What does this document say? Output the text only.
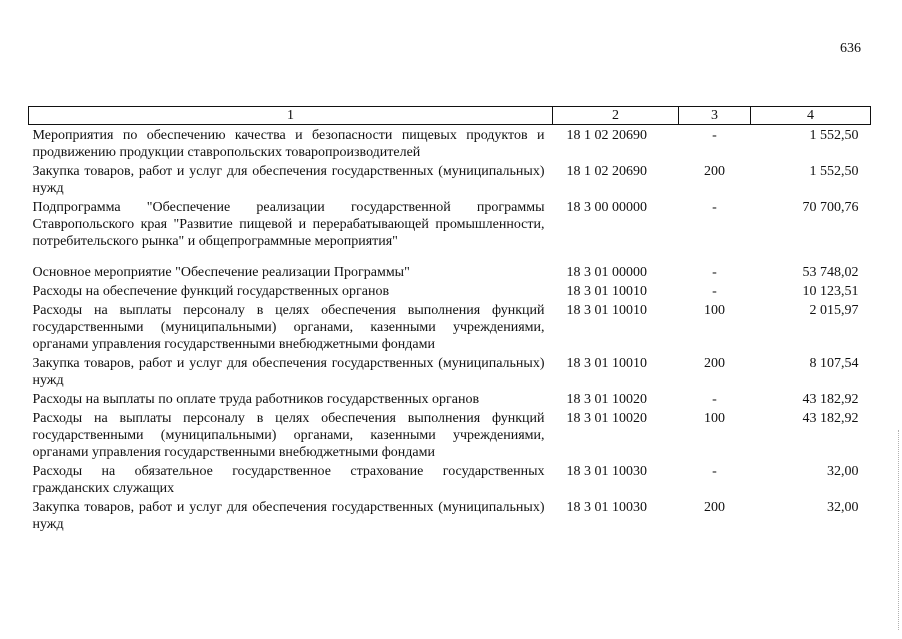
636
1	2	3	4
Мероприятия по обеспечению качества и безопасности пищевых продуктов и продвижению продукции ставропольских товаропроизводителей	18 1 02 20690	-	1 552,50
Закупка товаров, работ и услуг для обеспечения государственных (муниципальных) нужд	18 1 02 20690	200	1 552,50
Подпрограмма "Обеспечение реализации государственной программы Ставропольского края "Развитие пищевой и перерабатывающей промышленности, потребительского рынка" и общепрограммные мероприятия"	18 3 00 00000	-	70 700,76

Основное мероприятие "Обеспечение реализации Программы"	18 3 01 00000	-	53 748,02
Расходы на обеспечение функций государственных органов	18 3 01 10010	-	10 123,51
Расходы на выплаты персоналу в целях обеспечения выполнения функций государственными (муниципальными) органами, казенными учреждениями, органами управления государственными внебюджетными фондами	18 3 01 10010	100	2 015,97
Закупка товаров, работ и услуг для обеспечения государственных (муниципальных) нужд	18 3 01 10010	200	8 107,54
Расходы на выплаты по оплате труда работников государственных органов	18 3 01 10020	-	43 182,92
Расходы на выплаты персоналу в целях обеспечения выполнения функций государственными (муниципальными) органами, казенными учреждениями, органами управления государственными внебюджетными фондами	18 3 01 10020	100	43 182,92
Расходы на обязательное государственное страхование государственных гражданских служащих	18 3 01 10030	-	32,00
Закупка товаров, работ и услуг для обеспечения государственных (муниципальных) нужд	18 3 01 10030	200	32,00
